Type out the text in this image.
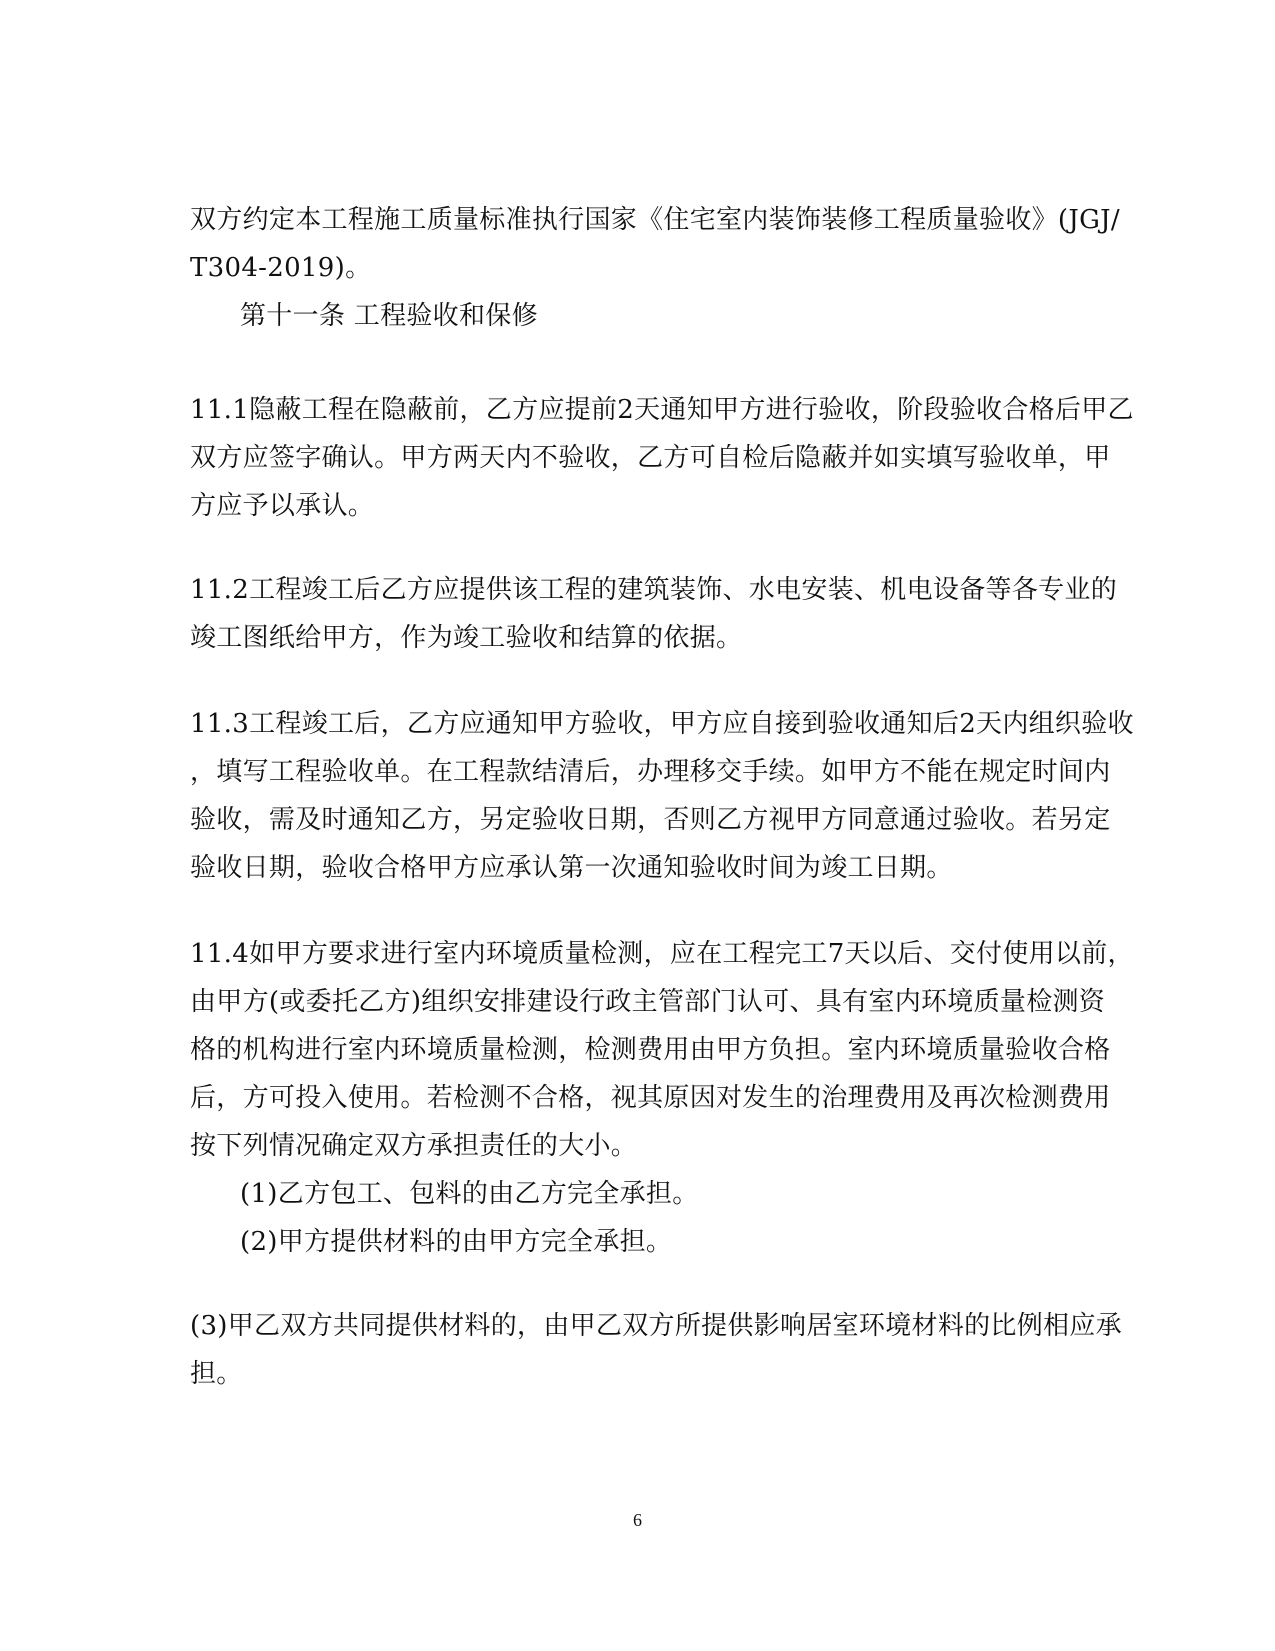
双方约定本工程施工质量标准执行国家《住宅室内装饰装修工程质量验收》(JGJ/
T304-2019)。
第十一条 工程验收和保修
11.1隐蔽工程在隐蔽前，乙方应提前2天通知甲方进行验收，阶段验收合格后甲乙
双方应签字确认。甲方两天内不验收，乙方可自检后隐蔽并如实填写验收单，甲
方应予以承认。
11.2工程竣工后乙方应提供该工程的建筑装饰、水电安装、机电设备等各专业的
竣工图纸给甲方，作为竣工验收和结算的依据。
11.3工程竣工后，乙方应通知甲方验收，甲方应自接到验收通知后2天内组织验收
，填写工程验收单。在工程款结清后，办理移交手续。如甲方不能在规定时间内
验收，需及时通知乙方，另定验收日期，否则乙方视甲方同意通过验收。若另定
验收日期，验收合格甲方应承认第一次通知验收时间为竣工日期。
11.4如甲方要求进行室内环境质量检测，应在工程完工7天以后、交付使用以前，
由甲方(或委托乙方)组织安排建设行政主管部门认可、具有室内环境质量检测资
格的机构进行室内环境质量检测，检测费用由甲方负担。室内环境质量验收合格
后，方可投入使用。若检测不合格，视其原因对发生的治理费用及再次检测费用
按下列情况确定双方承担责任的大小。
(1)乙方包工、包料的由乙方完全承担。
(2)甲方提供材料的由甲方完全承担。
(3)甲乙双方共同提供材料的，由甲乙双方所提供影响居室环境材料的比例相应承
担。
6
